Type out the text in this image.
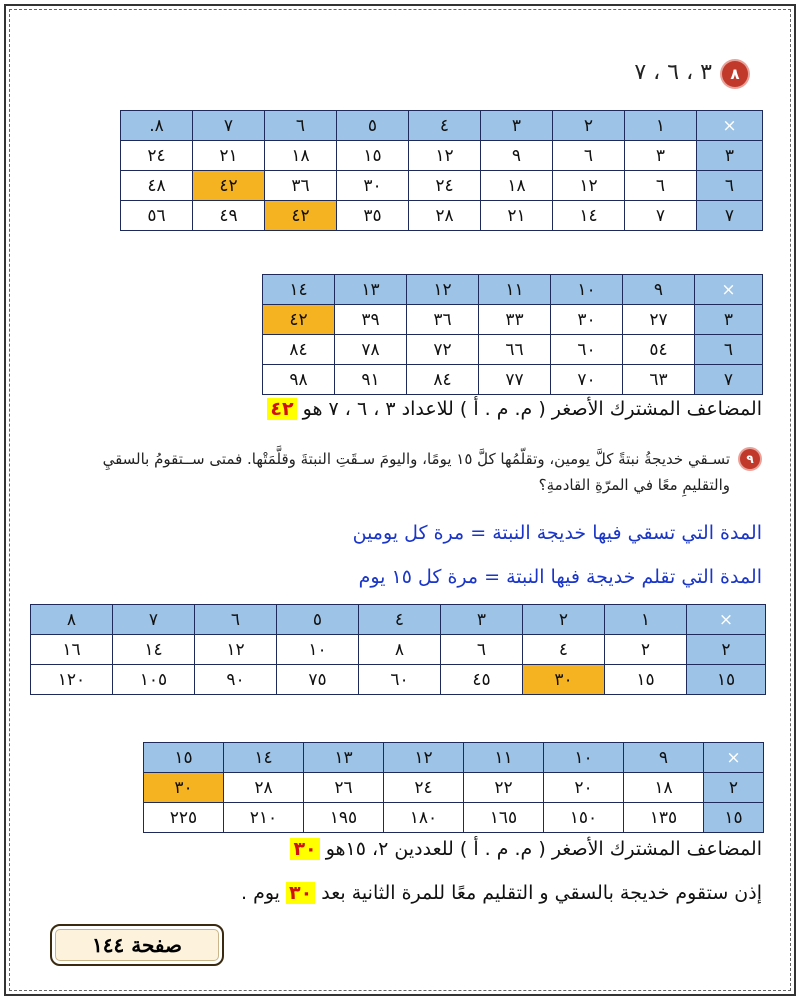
٨
٣ ، ٦ ، ٧
×	١	٢	٣	٤	٥	٦	٧	٨.
٣	٣	٦	٩	١٢	١٥	١٨	٢١	٢٤
٦	٦	١٢	١٨	٢٤	٣٠	٣٦	٤٢	٤٨
٧	٧	١٤	٢١	٢٨	٣٥	٤٢	٤٩	٥٦
×	٩	١٠	١١	١٢	١٣	١٤
٣	٢٧	٣٠	٣٣	٣٦	٣٩	٤٢
٦	٥٤	٦٠	٦٦	٧٢	٧٨	٨٤
٧	٦٣	٧٠	٧٧	٨٤	٩١	٩٨
المضاعف المشترك الأصغر ( م. م . أ ) للاعداد ٣ ، ٦ ، ٧ هو ٤٢
٩
تسـقي خديجةُ نبتةً كلَّ يومين، وتقلّمُها كلَّ ١٥ يومًا، واليومَ سـقَتِ النبتةَ وقلَّمَتْها. فمتى ســتقومُ بالسقيِ
والتقليمِ معًا في المرّةِ القادمةِ؟
المدة التي تسقي فيها خديجة النبتة = مرة كل يومين
المدة التي تقلم خديجة فيها النبتة = مرة كل ١٥ يوم
×	١	٢	٣	٤	٥	٦	٧	٨
٢	٢	٤	٦	٨	١٠	١٢	١٤	١٦
١٥	١٥	٣٠	٤٥	٦٠	٧٥	٩٠	١٠٥	١٢٠
×	٩	١٠	١١	١٢	١٣	١٤	١٥
٢	١٨	٢٠	٢٢	٢٤	٢٦	٢٨	٣٠
١٥	١٣٥	١٥٠	١٦٥	١٨٠	١٩٥	٢١٠	٢٢٥
المضاعف المشترك الأصغر ( م. م . أ ) للعددين ٢، ١٥هو ٣٠
إذن ستقوم خديجة بالسقي و التقليم معًا للمرة الثانية بعد ٣٠ يوم .
صفحة ١٤٤
